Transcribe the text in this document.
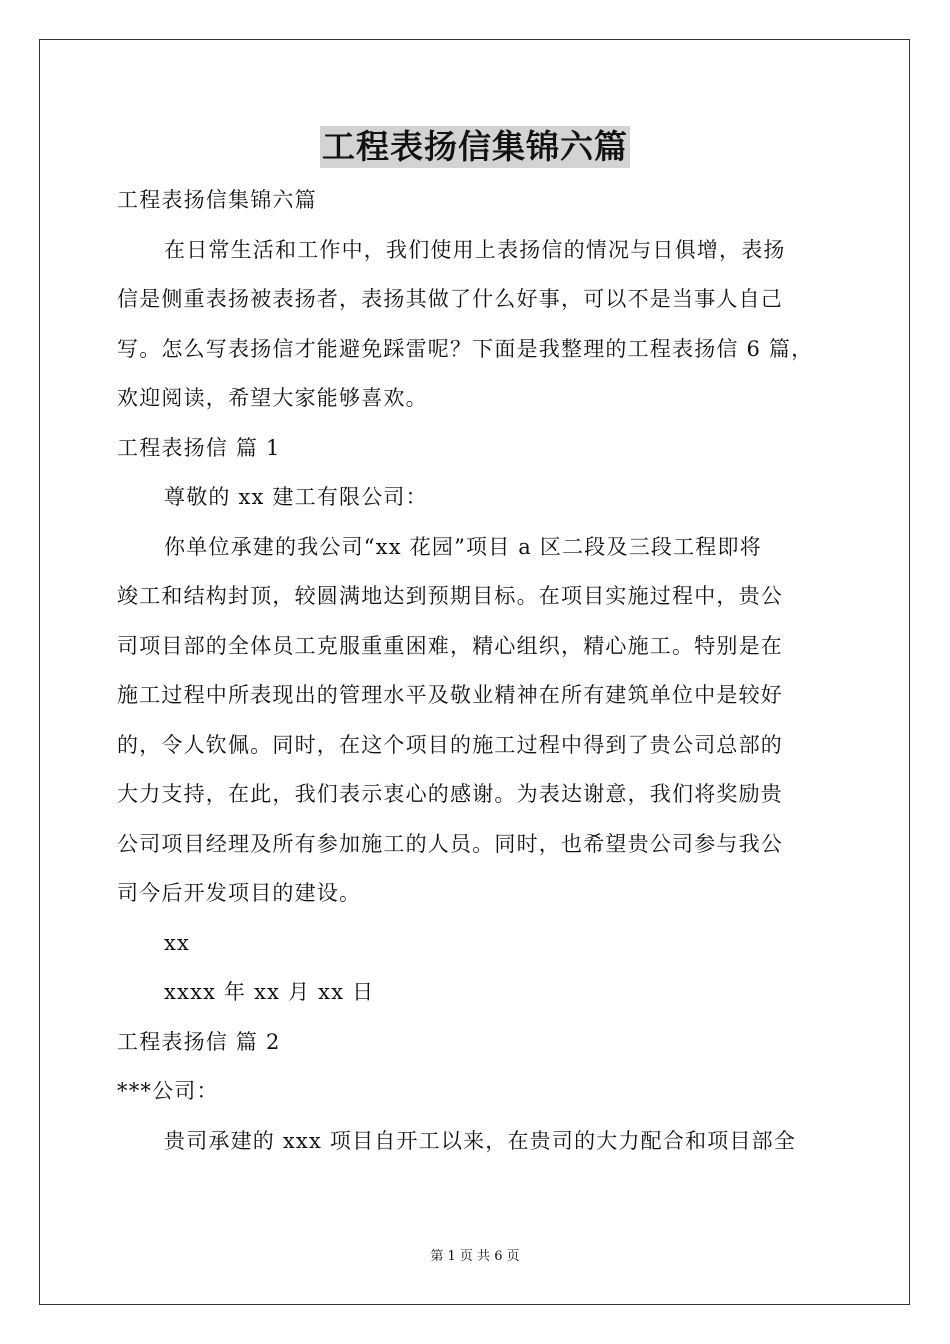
工程表扬信集锦六篇
工程表扬信集锦六篇
在日常生活和工作中，我们使用上表扬信的情况与日俱增，表扬
信是侧重表扬被表扬者，表扬其做了什么好事，可以不是当事人自己
写。怎么写表扬信才能避免踩雷呢？下面是我整理的工程表扬信 6 篇，
欢迎阅读，希望大家能够喜欢。
工程表扬信 篇 1
尊敬的 xx 建工有限公司：
你单位承建的我公司“xx 花园”项目 a 区二段及三段工程即将
竣工和结构封顶，较圆满地达到预期目标。在项目实施过程中，贵公
司项目部的全体员工克服重重困难，精心组织，精心施工。特别是在
施工过程中所表现出的管理水平及敬业精神在所有建筑单位中是较好
的，令人钦佩。同时，在这个项目的施工过程中得到了贵公司总部的
大力支持，在此，我们表示衷心的感谢。为表达谢意，我们将奖励贵
公司项目经理及所有参加施工的人员。同时，也希望贵公司参与我公
司今后开发项目的建设。
xx
xxxx 年 xx 月 xx 日
工程表扬信 篇 2
***公司：
贵司承建的 xxx 项目自开工以来，在贵司的大力配合和项目部全
第 1 页 共 6 页
